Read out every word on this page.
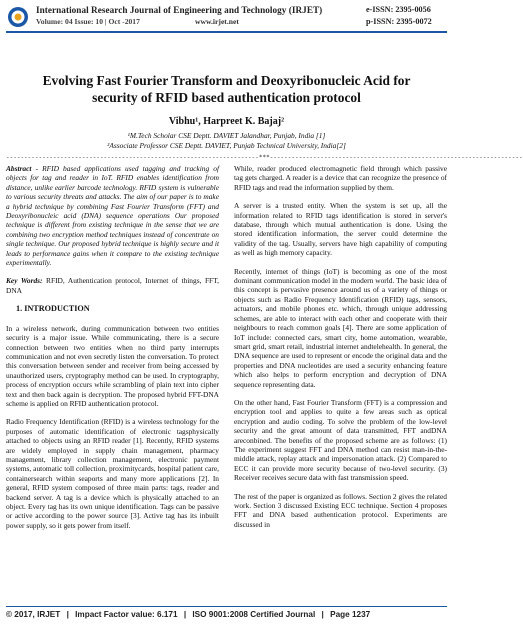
International Research Journal of Engineering and Technology (IRJET)	e-ISSN: 2395-0056
Volume: 04 Issue: 10 | Oct -2017	www.irjet.net	p-ISSN: 2395-0072
Evolving Fast Fourier Transform and Deoxyribonucleic Acid for security of RFID based authentication protocol
Vibhu¹, Harpreet K. Bajaj²
¹M.Tech Scholar CSE Deptt. DAVIET Jalandhar, Punjab, India [1]
²Associate Professor CSE Deptt. DAVIET, Punjab Technical University, India[2]
----------------------------------------------------------------------***----------------------------------------------------------------------

Abstract - RFID based applications used tagging and tracking of objects for tag and reader in IoT. RFID enables identification from distance, unlike earlier barcode technology. RFID system is vulnerable to various security threats and attacks. The aim of our paper is to make a hybrid technique by combining Fast Fourier Transform (FFT) and Deoxyribonucleic acid (DNA) sequence operations Our proposed technique is different from existing technique in the sense that we are combining two encryption method techniques instead of concentrate on single technique. Our proposed hybrid technique is highly secure and it leads to performance gains when it compare to the existing technique experimentally.

Key Words: RFID, Authentication protocol, Internet of things, FFT, DNA

1. INTRODUCTION

In a wireless network, during communication between two entities security is a major issue. While communicating, there is a secure connection between two entities when no third party interrupts communication and not even secretly listen the conversation. To protect this conversation between sender and receiver from being accessed by unauthorized users, cryptography method can be used. In cryptography, process of encryption occurs while scrambling of plain text into cipher text and then back again is decryption. The proposed hybrid FFT-DNA scheme is applied on RFID authentication protocol.

Radio Frequency Identification (RFID) is a wireless technology for the purposes of automatic identification of electronic tagsphysically attached to objects using an RFID reader [1]. Recently, RFID systems are widely employed in supply chain management, pharmacy management, library collection management, electronic payment systems, automatic toll collection, proximitycards, hospital patient care, containersearch within seaports and many more applications [2]. In general, RFID system composed of three main parts: tags, reader and backend server. A tag is a device which is physically attached to an object. Every tag has its own unique identification. Tags can be passive or active according to the power source [3]. Active tag has its inbuilt power supply, so it gets power from itself.

While, reader produced electromagnetic field through which passive tag gets charged. A reader is a device that can recognize the presence of RFID tags and read the information supplied by them.

A server is a trusted entity. When the system is set up, all the information related to RFID tags identification is stored in server's database, through which mutual authentication is done. Using the stored identification information, the server could determine the validity of the tag. Usually, servers have high capability of computing as well as high memory capacity.

Recently, internet of things (IoT) is becoming as one of the most dominant communication model in the modern world. The basic idea of this concept is pervasive presence around us of a variety of things or objects such as Radio Frequency Identification (RFID) tags, sensors, actuators, and mobile phones etc. which, through unique addressing schemes, are able to interact with each other and cooperate with their neighbours to reach common goals [4]. There are some application of IoT include: connected cars, smart city, home automation, wearable, smart grid, smart retail, industrial internet andtelehealth. In general, the DNA sequence are used to represent or encode the original data and the properties and DNA nucleotides are used a security enhancing feature which also helps to perform encryption and decryption of DNA sequence representing data.

On the other hand, Fast Fourier Transform (FFT) is a compression and encryption tool and applies to quite a few areas such as optical encryption and audio coding. To solve the problem of the low-level security and the great amount of data transmitted, FFT andDNA areconbined. The benefits of the proposed scheme are as follows: (1) The experiment suggest FFT and DNA method can resist man-in-the-middle attack, replay attack and impersonation attack. (2) Compared to ECC it can provide more security because of two-level security. (3) Receiver receives secure data with fast transmission speed.

The rest of the paper is organized as follows. Section 2 gives the related work. Section 3 discussed Existing ECC technique. Section 4 proposes FFT and DNA based authentication protocol. Experiments are discussed in

© 2017, IRJET | Impact Factor value: 6.171 | ISO 9001:2008 Certified Journal | Page 1237
